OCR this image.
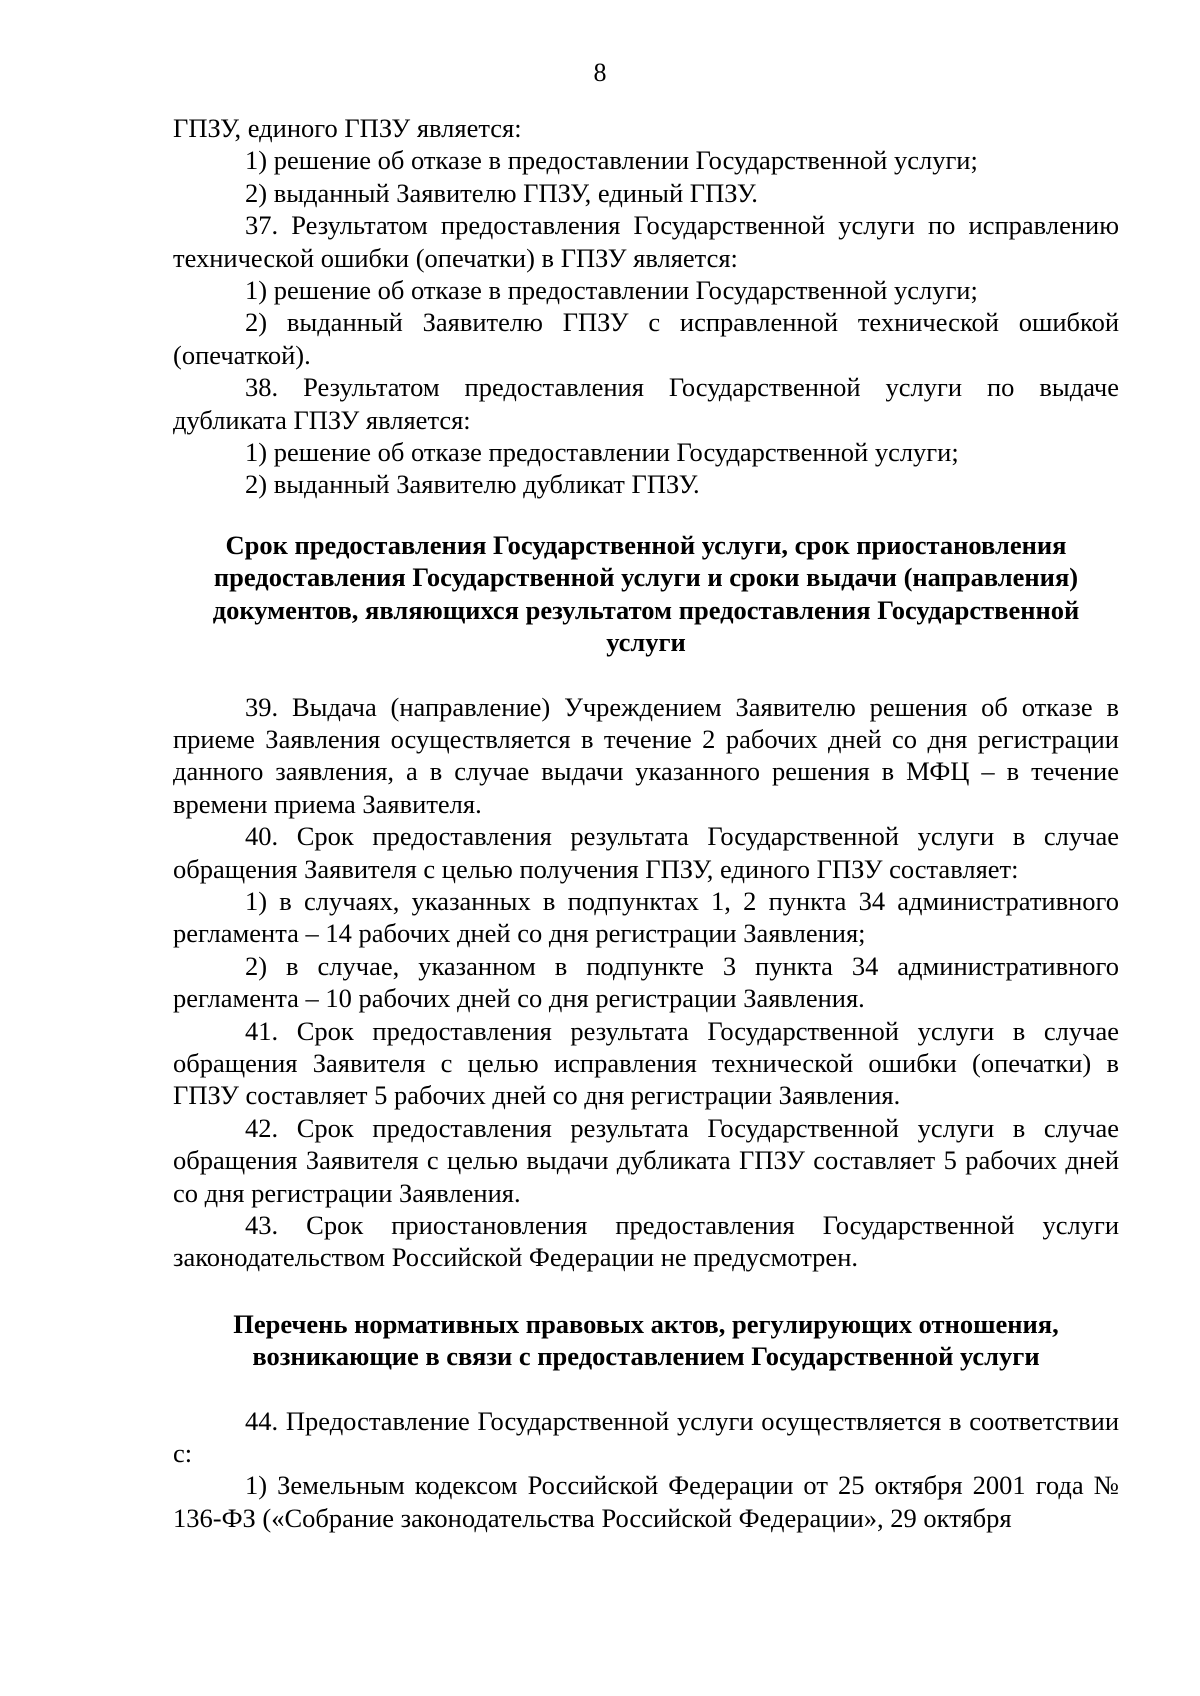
8

ГПЗУ, единого ГПЗУ является:

1) решение об отказе в предоставлении Государственной услуги;

2) выданный Заявителю ГПЗУ, единый ГПЗУ.

37. Результатом предоставления Государственной услуги по исправлению технической ошибки (опечатки) в ГПЗУ является:

1) решение об отказе в предоставлении Государственной услуги;

2) выданный Заявителю ГПЗУ с исправленной технической ошибкой (опечаткой).

38. Результатом предоставления Государственной услуги по выдаче дубликата ГПЗУ является:

1) решение об отказе предоставлении Государственной услуги;

2) выданный Заявителю дубликат ГПЗУ.

Срок предоставления Государственной услуги, срок приостановления предоставления Государственной услуги и сроки выдачи (направления) документов, являющихся результатом предоставления Государственной услуги

39. Выдача (направление) Учреждением Заявителю решения об отказе в приеме Заявления осуществляется в течение 2 рабочих дней со дня регистрации данного заявления, а в случае выдачи указанного решения в МФЦ – в течение времени приема Заявителя.

40. Срок предоставления результата Государственной услуги в случае обращения Заявителя с целью получения ГПЗУ, единого ГПЗУ составляет:

1) в случаях, указанных в подпунктах 1, 2 пункта 34 административного регламента – 14 рабочих дней со дня регистрации Заявления;

2) в случае, указанном в подпункте 3 пункта 34 административного регламента – 10 рабочих дней со дня регистрации Заявления.

41. Срок предоставления результата Государственной услуги в случае обращения Заявителя с целью исправления технической ошибки (опечатки) в ГПЗУ составляет 5 рабочих дней со дня регистрации Заявления.

42. Срок предоставления результата Государственной услуги в случае обращения Заявителя с целью выдачи дубликата ГПЗУ составляет 5 рабочих дней со дня регистрации Заявления.

43. Срок приостановления предоставления Государственной услуги законодательством Российской Федерации не предусмотрен.

Перечень нормативных правовых актов, регулирующих отношения, возникающие в связи с предоставлением Государственной услуги

44. Предоставление Государственной услуги осуществляется в соответствии с:

1) Земельным кодексом Российской Федерации от 25 октября 2001 года № 136-ФЗ («Собрание законодательства Российской Федерации», 29 октября
